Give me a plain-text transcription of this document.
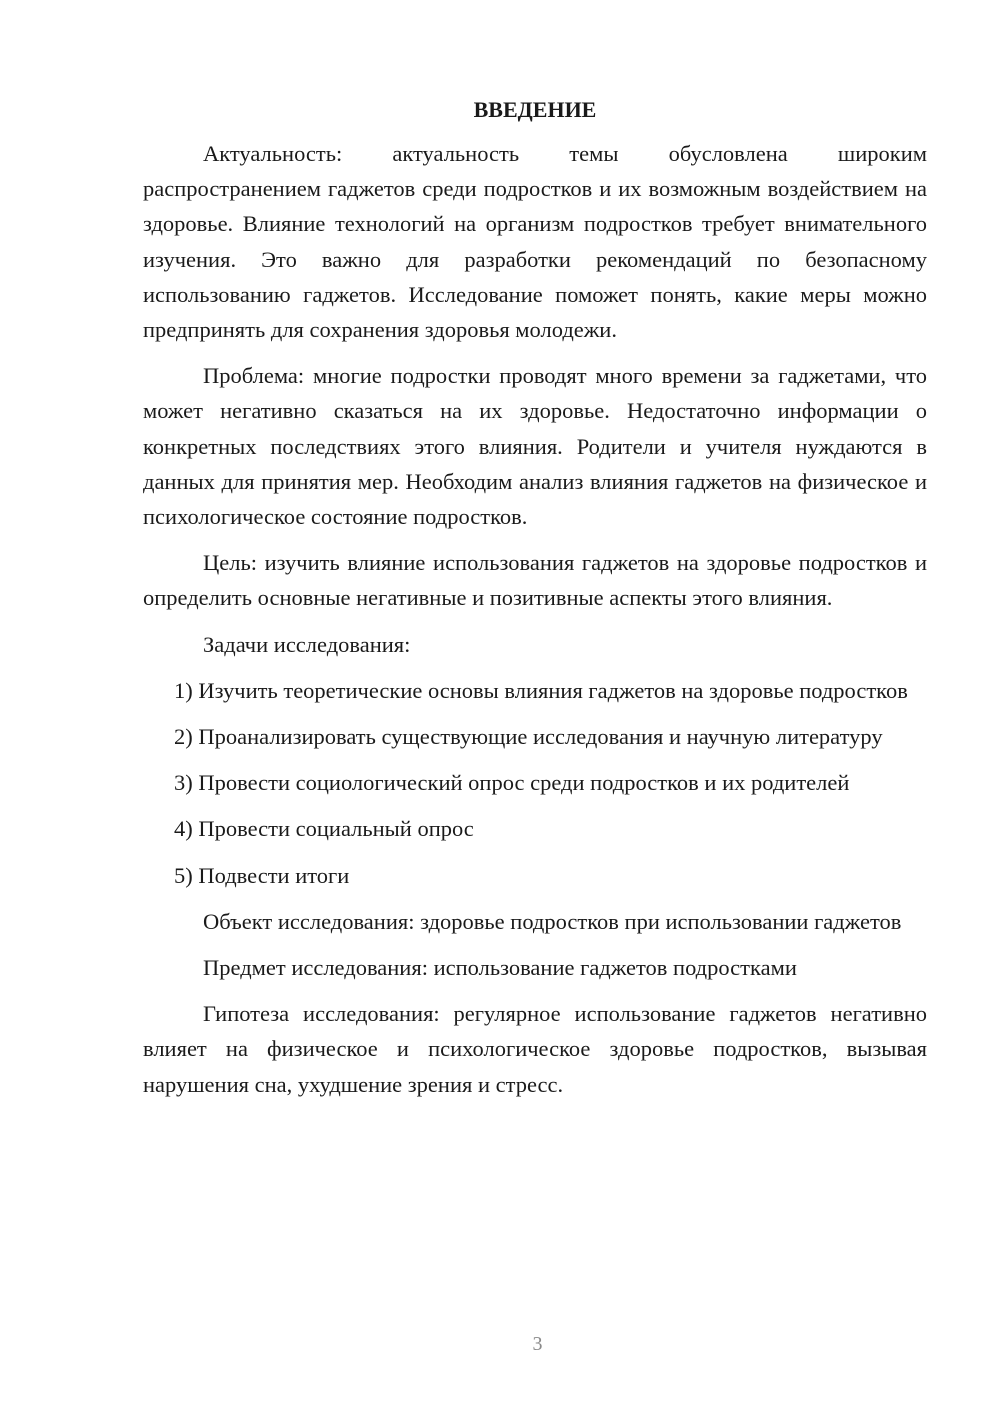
ВВЕДЕНИЕ

Актуальность: актуальность темы обусловлена широким распространением гаджетов среди подростков и их возможным воздействием на здоровье. Влияние технологий на организм подростков требует внимательного изучения. Это важно для разработки рекомендаций по безопасному использованию гаджетов. Исследование поможет понять, какие меры можно предпринять для сохранения здоровья молодежи.

Проблема: многие подростки проводят много времени за гаджетами, что может негативно сказаться на их здоровье. Недостаточно информации о конкретных последствиях этого влияния. Родители и учителя нуждаются в данных для принятия мер. Необходим анализ влияния гаджетов на физическое и психологическое состояние подростков.

Цель: изучить влияние использования гаджетов на здоровье подростков и определить основные негативные и позитивные аспекты этого влияния.

Задачи исследования:

1) Изучить теоретические основы влияния гаджетов на здоровье подростков

2) Проанализировать существующие исследования и научную литературу

3) Провести социологический опрос среди подростков и их родителей

4) Провести социальный опрос

5) Подвести итоги

Объект исследования: здоровье подростков при использовании гаджетов

Предмет исследования: использование гаджетов подростками

Гипотеза исследования: регулярное использование гаджетов негативно влияет на физическое и психологическое здоровье подростков, вызывая нарушения сна, ухудшение зрения и стресс.

3
